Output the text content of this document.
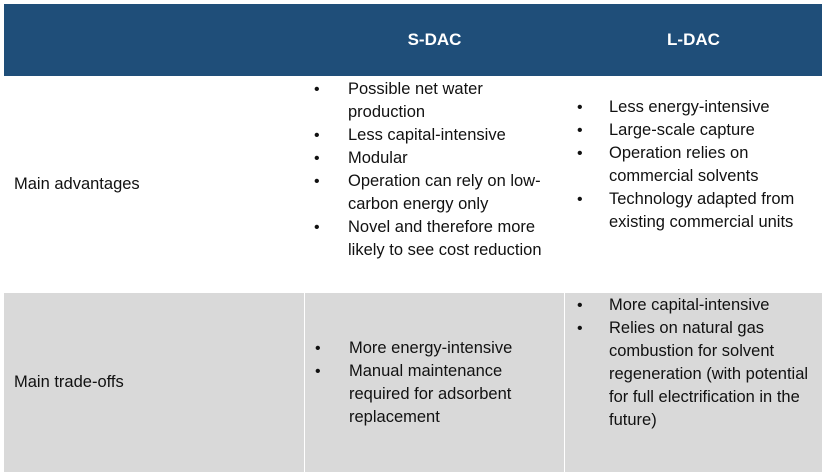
S-DAC	L-DAC
Main advantages
• Possible net water production
• Less capital-intensive
• Modular
• Operation can rely on low-carbon energy only
• Novel and therefore more likely to see cost reduction
• Less energy-intensive
• Large-scale capture
• Operation relies on commercial solvents
• Technology adapted from existing commercial units
Main trade-offs
• More energy-intensive
• Manual maintenance required for adsorbent replacement
• More capital-intensive
• Relies on natural gas combustion for solvent regeneration (with potential for full electrification in the future)
